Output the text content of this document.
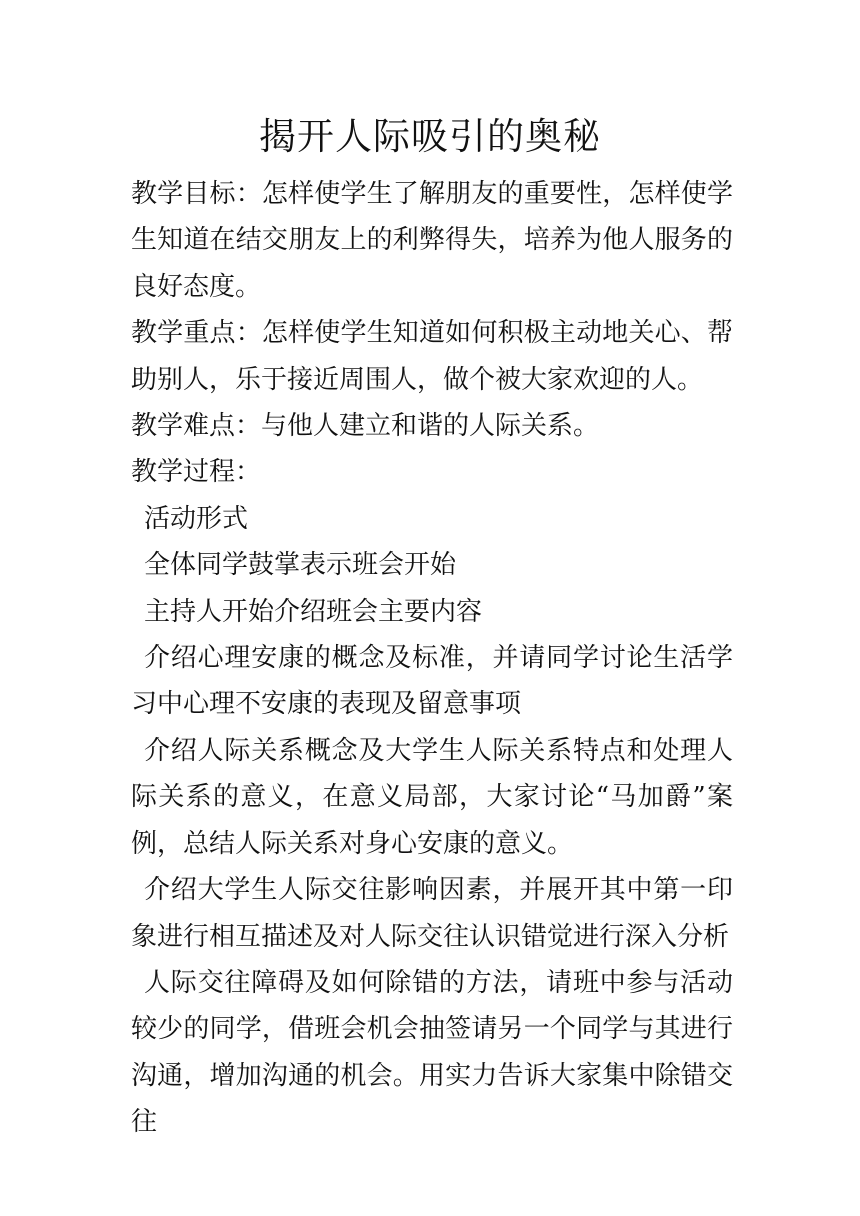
揭开人际吸引的奥秘

教学目标：怎样使学生了解朋友的重要性，怎样使学生知道在结交朋友上的利弊得失，培养为他人服务的良好态度。

教学重点：怎样使学生知道如何积极主动地关心、帮助别人，乐于接近周围人，做个被大家欢迎的人。

教学难点：与他人建立和谐的人际关系。

教学过程：

活动形式

全体同学鼓掌表示班会开始

主持人开始介绍班会主要内容

介绍心理安康的概念及标准，并请同学讨论生活学习中心理不安康的表现及留意事项

介绍人际关系概念及大学生人际关系特点和处理人际关系的意义，在意义局部，大家讨论“马加爵”案例，总结人际关系对身心安康的意义。

介绍大学生人际交往影响因素，并展开其中第一印象进行相互描述及对人际交往认识错觉进行深入分析

人际交往障碍及如何除错的方法，请班中参与活动较少的同学，借班会机会抽签请另一个同学与其进行沟通，增加沟通的机会。用实力告诉大家集中除错交往
